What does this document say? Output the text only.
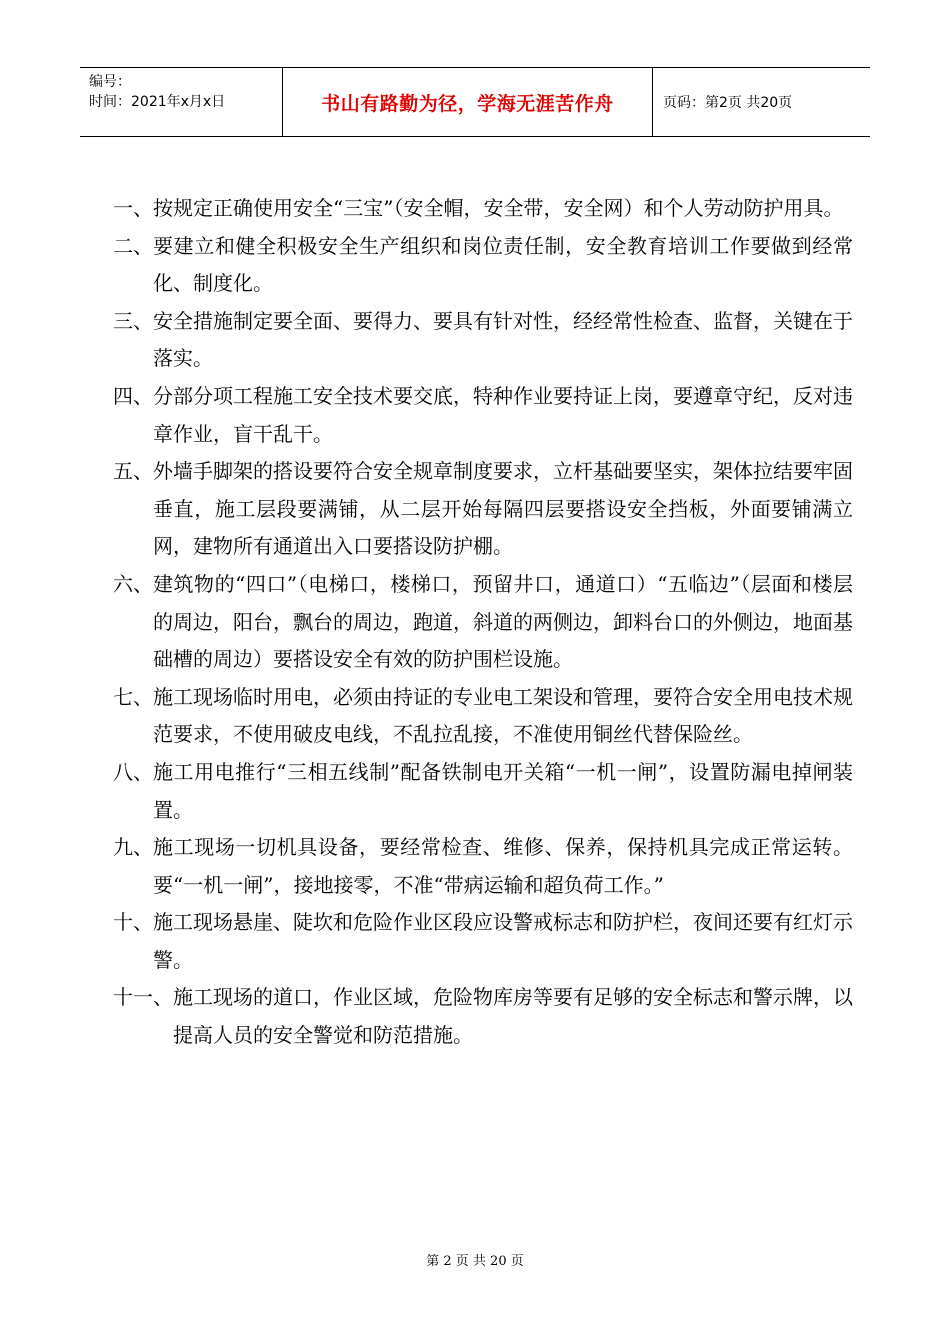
编号：
时间：2021年x月x日	书山有路勤为径，学海无涯苦作舟	页码：第2页 共20页
一、 按规定正确使用安全“三宝”（安全帽，安全带，安全网）和个人劳动防护用具。
二、 要建立和健全积极安全生产组织和岗位责任制，安全教育培训工作要做到经常化、制度化。
三、 安全措施制定要全面、要得力、要具有针对性，经经常性检查、监督，关键在于落实。
四、 分部分项工程施工安全技术要交底，特种作业要持证上岗，要遵章守纪，反对违章作业，盲干乱干。
五、 外墙手脚架的搭设要符合安全规章制度要求，立杆基础要坚实，架体拉结要牢固垂直，施工层段要满铺，从二层开始每隔四层要搭设安全挡板，外面要铺满立网，建物所有通道出入口要搭设防护棚。
六、 建筑物的“四口”（电梯口，楼梯口，预留井口，通道口）“五临边”（层面和楼层的周边，阳台，飘台的周边，跑道，斜道的两侧边，卸料台口的外侧边，地面基础槽的周边）要搭设安全有效的防护围栏设施。
七、 施工现场临时用电，必须由持证的专业电工架设和管理，要符合安全用电技术规范要求，不使用破皮电线，不乱拉乱接，不准使用铜丝代替保险丝。
八、 施工用电推行“三相五线制”配备铁制电开关箱“一机一闸”，设置防漏电掉闸装置。
九、 施工现场一切机具设备，要经常检查、维修、保养，保持机具完成正常运转。要“一机一闸”，接地接零，不准“带病运输和超负荷工作。”
十、 施工现场悬崖、陡坎和危险作业区段应设警戒标志和防护栏，夜间还要有红灯示警。
十一、 施工现场的道口，作业区域，危险物库房等要有足够的安全标志和警示牌，以提高人员的安全警觉和防范措施。
第 2 页 共 20 页
